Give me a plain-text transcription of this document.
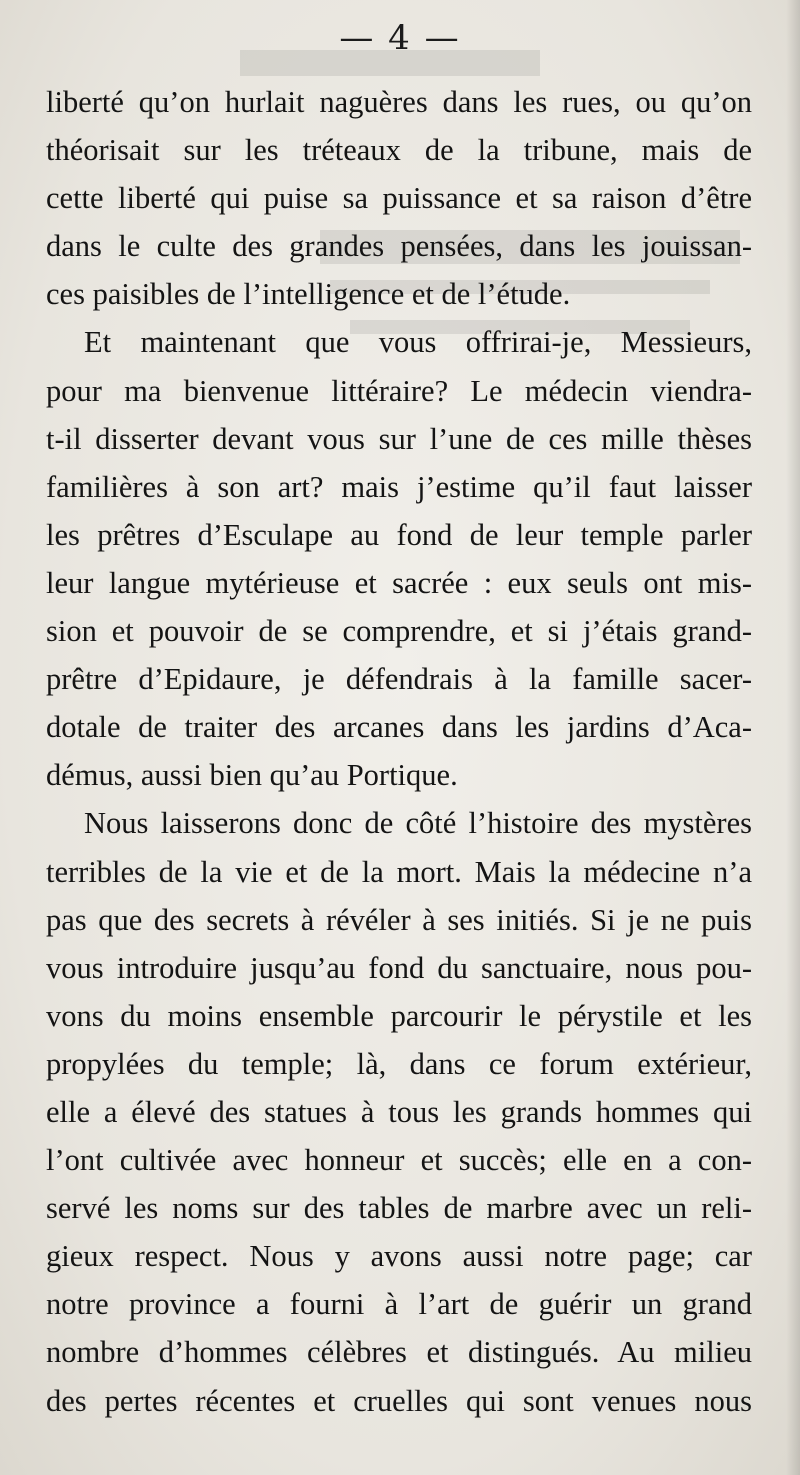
— 4 —
liberté qu’on hurlait naguères dans les rues, ou qu’on
théorisait sur les tréteaux de la tribune, mais de
cette liberté qui puise sa puissance et sa raison d’être
dans le culte des grandes pensées, dans les jouissan-
ces paisibles de l’intelligence et de l’étude.
Et maintenant que vous offrirai-je, Messieurs,
pour ma bienvenue littéraire? Le médecin viendra-
t-il disserter devant vous sur l’une de ces mille thèses
familières à son art? mais j’estime qu’il faut laisser
les prêtres d’Esculape au fond de leur temple parler
leur langue mytérieuse et sacrée : eux seuls ont mis-
sion et pouvoir de se comprendre, et si j’étais grand-
prêtre d’Epidaure, je défendrais à la famille sacer-
dotale de traiter des arcanes dans les jardins d’Aca-
démus, aussi bien qu’au Portique.
Nous laisserons donc de côté l’histoire des mystères
terribles de la vie et de la mort. Mais la médecine n’a
pas que des secrets à révéler à ses initiés. Si je ne puis
vous introduire jusqu’au fond du sanctuaire, nous pou-
vons du moins ensemble parcourir le pérystile et les
propylées du temple; là, dans ce forum extérieur,
elle a élevé des statues à tous les grands hommes qui
l’ont cultivée avec honneur et succès; elle en a con-
servé les noms sur des tables de marbre avec un reli-
gieux respect. Nous y avons aussi notre page; car
notre province a fourni à l’art de guérir un grand
nombre d’hommes célèbres et distingués. Au milieu
des pertes récentes et cruelles qui sont venues nous
